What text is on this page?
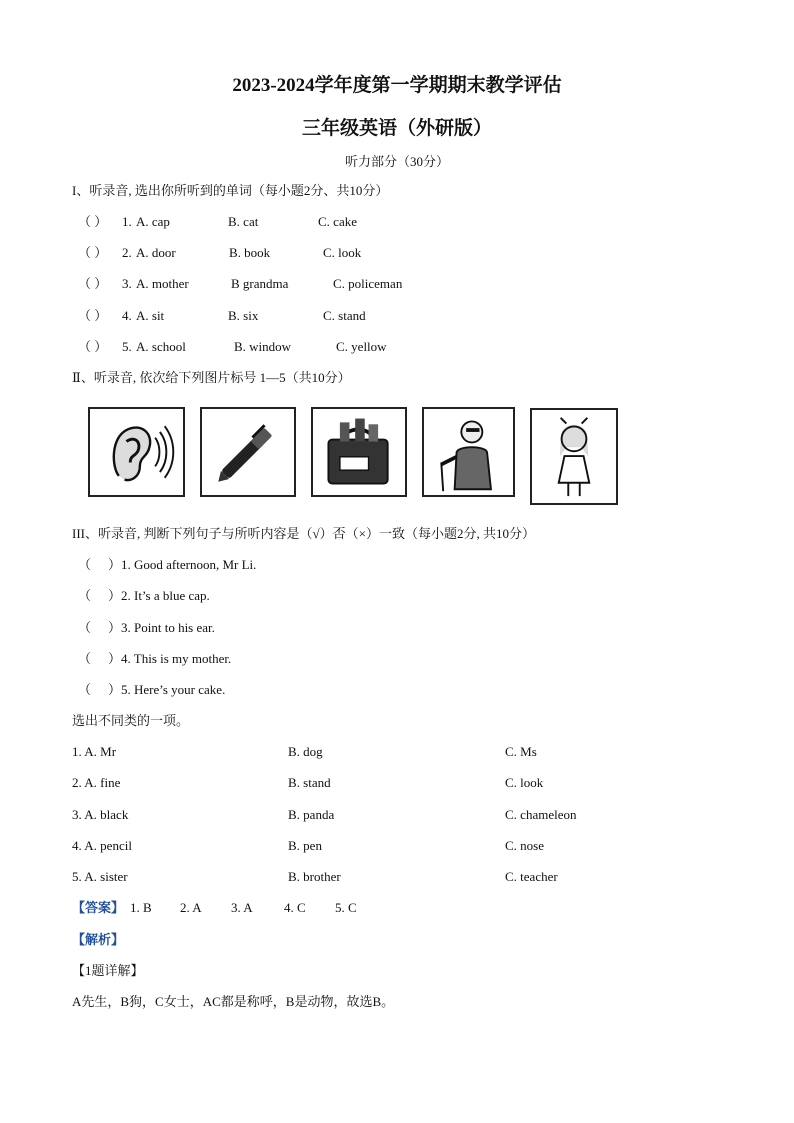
2023-2024学年度第一学期期末教学评估
三年级英语（外研版）
听力部分（30分）
I、听录音, 选出你所听到的单词（每小题2分、共10分）
（ ） 1. A. cap	B. cat	C. cake
（ ） 2. A. door	B. book	C. look
（ ） 3. A. mother	B grandma	C. policeman
（ ） 4. A. sit	B. six	C. stand
（ ） 5. A. school	B. window	C. yellow
Ⅱ、听录音, 依次给下列图片标号 1—5（共10分）
III、听录音, 判断下列句子与所听内容是（√）否（×）一致（每小题2分, 共10分）
（ ）1. Good afternoon, Mr Li.
（ ）2. It’s a blue cap.
（ ）3. Point to his ear.
（ ）4. This is my mother.
（ ）5. Here’s your cake.
选出不同类的一项。
1. A. Mr	B. dog	C. Ms
2. A. fine	B. stand	C. look
3. A. black	B. panda	C. chameleon
4. A. pencil	B. pen	C. nose
5. A. sister	B. brother	C. teacher
【答案】 1. B 2. A 3. A 4. C 5. C
【解析】
【1题详解】
A先生，B狗，C女士，AC都是称呼，B是动物，故选B。
